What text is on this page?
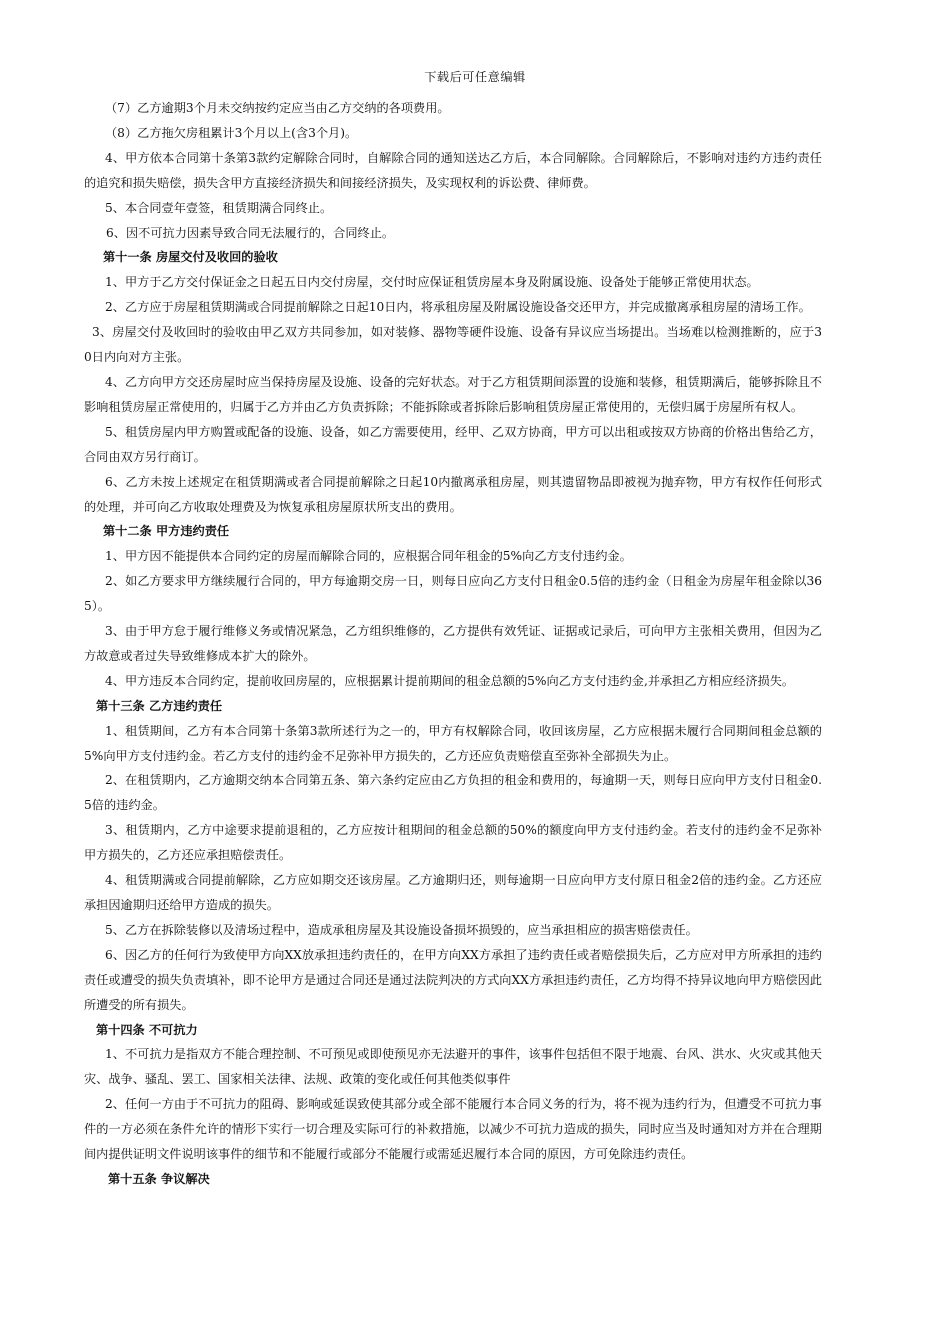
下载后可任意编辑
（7）乙方逾期3个月未交纳按约定应当由乙方交纳的各项费用。
（8）乙方拖欠房租累计3个月以上(含3个月)。
4、甲方依本合同第十条第3款约定解除合同时，自解除合同的通知送达乙方后，本合同解除。合同解除后，不影响对违约方违约责任的追究和损失赔偿，损失含甲方直接经济损失和间接经济损失，及实现权利的诉讼费、律师费。
5、本合同壹年壹签，租赁期满合同终止。
6、因不可抗力因素导致合同无法履行的，合同终止。
第十一条 房屋交付及收回的验收
1、甲方于乙方交付保证金之日起五日内交付房屋，交付时应保证租赁房屋本身及附属设施、设备处于能够正常使用状态。
2、乙方应于房屋租赁期满或合同提前解除之日起10日内，将承租房屋及附属设施设备交还甲方，并完成撤离承租房屋的清场工作。
3、房屋交付及收回时的验收由甲乙双方共同参加，如对装修、器物等硬件设施、设备有异议应当场提出。当场难以检测推断的，应于30日内向对方主张。
4、乙方向甲方交还房屋时应当保持房屋及设施、设备的完好状态。对于乙方租赁期间添置的设施和装修，租赁期满后，能够拆除且不影响租赁房屋正常使用的，归属于乙方并由乙方负责拆除；不能拆除或者拆除后影响租赁房屋正常使用的，无偿归属于房屋所有权人。
5、租赁房屋内甲方购置或配备的设施、设备，如乙方需要使用，经甲、乙双方协商，甲方可以出租或按双方协商的价格出售给乙方，合同由双方另行商订。
6、乙方未按上述规定在租赁期满或者合同提前解除之日起10内撤离承租房屋，则其遗留物品即被视为抛弃物，甲方有权作任何形式的处理，并可向乙方收取处理费及为恢复承租房屋原状所支出的费用。
第十二条 甲方违约责任
1、甲方因不能提供本合同约定的房屋而解除合同的，应根据合同年租金的5%向乙方支付违约金。
2、如乙方要求甲方继续履行合同的，甲方每逾期交房一日，则每日应向乙方支付日租金0.5倍的违约金（日租金为房屋年租金除以365）。
3、由于甲方怠于履行维修义务或情况紧急，乙方组织维修的，乙方提供有效凭证、证据或记录后，可向甲方主张相关费用，但因为乙方故意或者过失导致维修成本扩大的除外。
4、甲方违反本合同约定，提前收回房屋的，应根据累计提前期间的租金总额的5%向乙方支付违约金,并承担乙方相应经济损失。
第十三条 乙方违约责任
1、租赁期间，乙方有本合同第十条第3款所述行为之一的，甲方有权解除合同，收回该房屋，乙方应根据未履行合同期间租金总额的5%向甲方支付违约金。若乙方支付的违约金不足弥补甲方损失的，乙方还应负责赔偿直至弥补全部损失为止。
2、在租赁期内，乙方逾期交纳本合同第五条、第六条约定应由乙方负担的租金和费用的，每逾期一天，则每日应向甲方支付日租金0.5倍的违约金。
3、租赁期内，乙方中途要求提前退租的，乙方应按计租期间的租金总额的50%的额度向甲方支付违约金。若支付的违约金不足弥补甲方损失的，乙方还应承担赔偿责任。
4、租赁期满或合同提前解除，乙方应如期交还该房屋。乙方逾期归还，则每逾期一日应向甲方支付原日租金2倍的违约金。乙方还应承担因逾期归还给甲方造成的损失。
5、乙方在拆除装修以及清场过程中，造成承租房屋及其设施设备损坏损毁的，应当承担相应的损害赔偿责任。
6、因乙方的任何行为致使甲方向XX放承担违约责任的，在甲方向XX方承担了违约责任或者赔偿损失后，乙方应对甲方所承担的违约责任或遭受的损失负责填补，即不论甲方是通过合同还是通过法院判决的方式向XX方承担违约责任，乙方均得不持异议地向甲方赔偿因此所遭受的所有损失。
第十四条 不可抗力
1、不可抗力是指双方不能合理控制、不可预见或即使预见亦无法避开的事件，该事件包括但不限于地震、台风、洪水、火灾或其他天灾、战争、骚乱、罢工、国家相关法律、法规、政策的变化或任何其他类似事件
2、任何一方由于不可抗力的阻碍、影响或延误致使其部分或全部不能履行本合同义务的行为，将不视为违约行为，但遭受不可抗力事件的一方必须在条件允许的情形下实行一切合理及实际可行的补救措施，以减少不可抗力造成的损失，同时应当及时通知对方并在合理期间内提供证明文件说明该事件的细节和不能履行或部分不能履行或需延迟履行本合同的原因，方可免除违约责任。
第十五条 争议解决
